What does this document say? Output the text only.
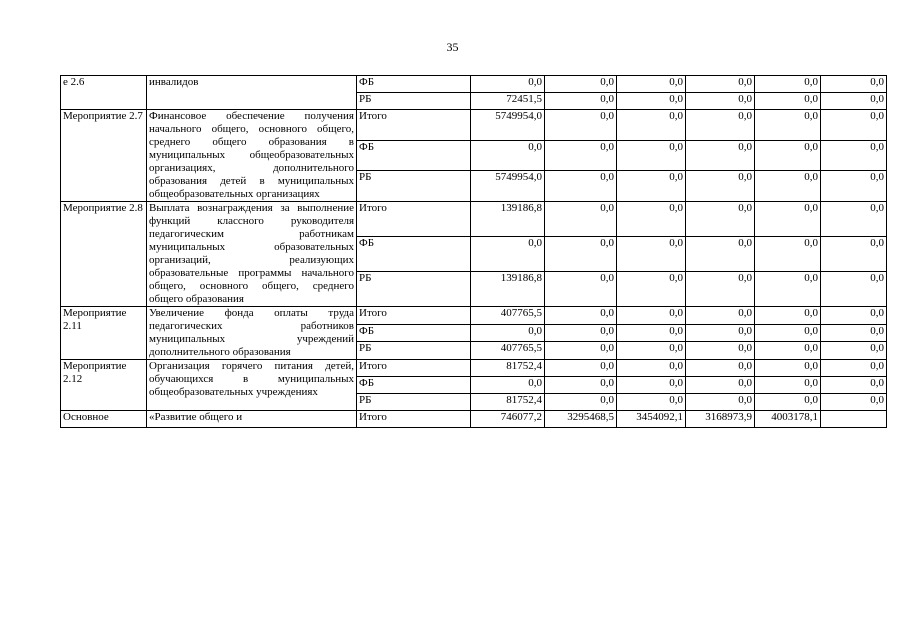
35
е 2.6	инвалидов	ФБ	0,0	0,0	0,0	0,0	0,0	0,0
		РБ	72451,5	0,0	0,0	0,0	0,0	0,0
Мероприятие 2.7	Финансовое обеспечение получения начального общего, основного общего, среднего общего образования в муниципальных общеобразовательных организациях, дополнительного образования детей в муниципальных общеобразовательных организациях	Итого	5749954,0	0,0	0,0	0,0	0,0	0,0
		ФБ	0,0	0,0	0,0	0,0	0,0	0,0
		РБ	5749954,0	0,0	0,0	0,0	0,0	0,0
Мероприятие 2.8	Выплата вознаграждения за выполнение функций классного руководителя педагогическим работникам муниципальных образовательных организаций, реализующих образовательные программы начального общего, основного общего, среднего общего образования	Итого	139186,8	0,0	0,0	0,0	0,0	0,0
		ФБ	0,0	0,0	0,0	0,0	0,0	0,0
		РБ	139186,8	0,0	0,0	0,0	0,0	0,0
Мероприятие 2.11	Увеличение фонда оплаты труда педагогических работников муниципальных учреждений дополнительного образования	Итого	407765,5	0,0	0,0	0,0	0,0	0,0
		ФБ	0,0	0,0	0,0	0,0	0,0	0,0
		РБ	407765,5	0,0	0,0	0,0	0,0	0,0
Мероприятие 2.12	Организация горячего питания детей, обучающихся в муниципальных общеобразовательных учреждениях	Итого	81752,4	0,0	0,0	0,0	0,0	0,0
		ФБ	0,0	0,0	0,0	0,0	0,0	0,0
		РБ	81752,4	0,0	0,0	0,0	0,0	0,0
Основное	«Развитие общего и	Итого	746077,2	3295468,5	3454092,1	3168973,9	4003178,1	
